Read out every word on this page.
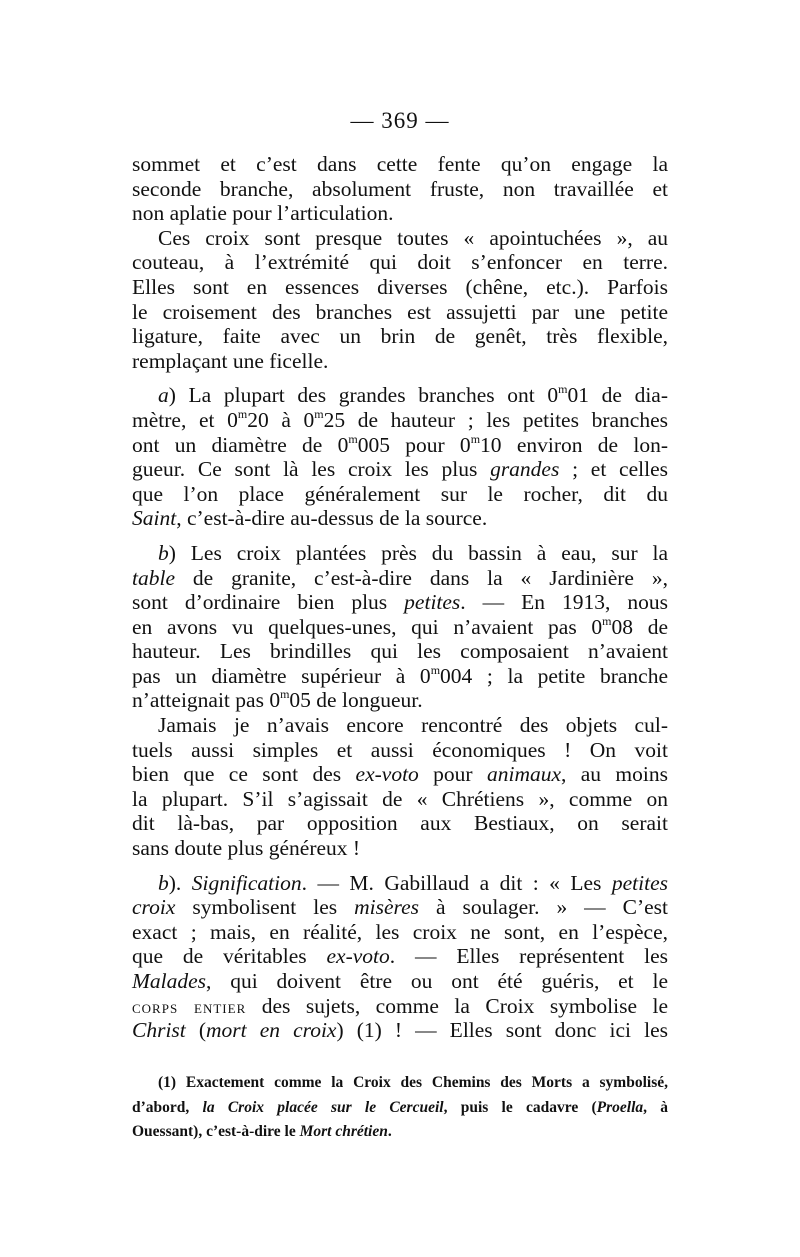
— 369 —
sommet et c’est dans cette fente qu’on engage la
seconde branche, absolument fruste, non travaillée et
non aplatie pour l’articulation.
Ces croix sont presque toutes « apointuchées », au
couteau, à l’extrémité qui doit s’enfoncer en terre.
Elles sont en essences diverses (chêne, etc.). Parfois
le croisement des branches est assujetti par une petite
ligature, faite avec un brin de genêt, très flexible,
remplaçant une ficelle.
a) La plupart des grandes branches ont 0$^m$01 de dia-
mètre, et 0$^m$20 à 0$^m$25 de hauteur ; les petites branches
ont un diamètre de 0$^m$005 pour 0$^m$10 environ de lon-
gueur. Ce sont là les croix les plus grandes ; et celles
que l’on place généralement sur le rocher, dit du
Saint, c’est-à-dire au-dessus de la source.
b) Les croix plantées près du bassin à eau, sur la
table de granite, c’est-à-dire dans la « Jardinière »,
sont d’ordinaire bien plus petites. — En 1913, nous
en avons vu quelques-unes, qui n’avaient pas 0$^m$08 de
hauteur. Les brindilles qui les composaient n’avaient
pas un diamètre supérieur à 0$^m$004 ; la petite branche
n’atteignait pas 0$^m$05 de longueur.
Jamais je n’avais encore rencontré des objets cul-
tuels aussi simples et aussi économiques ! On voit
bien que ce sont des ex-voto pour animaux, au moins
la plupart. S’il s’agissait de « Chrétiens », comme on
dit là-bas, par opposition aux Bestiaux, on serait
sans doute plus généreux !
b). Signification. — M. Gabillaud a dit : « Les petites
croix symbolisent les misères à soulager. » — C’est
exact ; mais, en réalité, les croix ne sont, en l’espèce,
que de véritables ex-voto. — Elles représentent les
Malades, qui doivent être ou ont été guéris, et le
corps entier des sujets, comme la Croix symbolise le
Christ (mort en croix) (1) ! — Elles sont donc ici les
(1) Exactement comme la Croix des Chemins des Morts a symbolisé,
d’abord, la Croix placée sur le Cercueil, puis le cadavre (Proella, à
Ouessant), c’est-à-dire le Mort chrétien.
